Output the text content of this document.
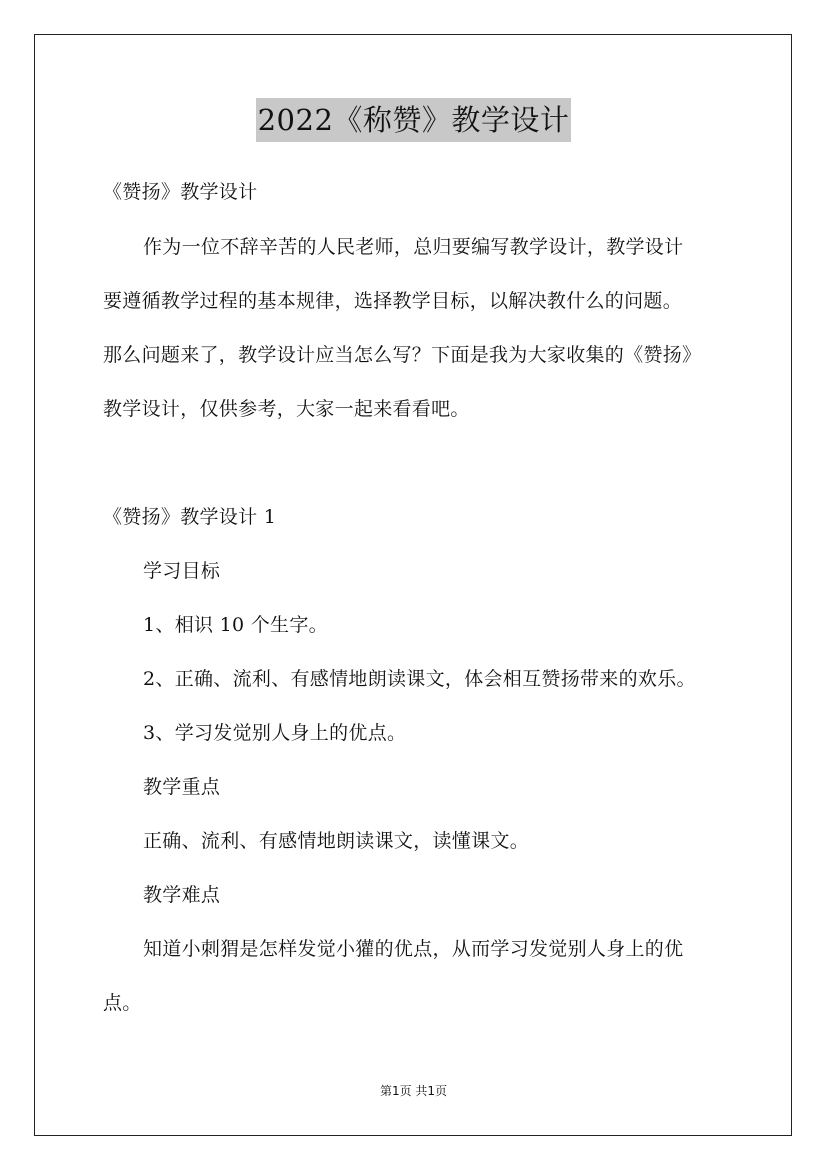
2022《称赞》教学设计
《赞扬》教学设计
作为一位不辞辛苦的人民老师，总归要编写教学设计，教学设计
要遵循教学过程的基本规律，选择教学目标，以解决教什么的问题。
那么问题来了，教学设计应当怎么写？下面是我为大家收集的《赞扬》
教学设计，仅供参考，大家一起来看看吧。
《赞扬》教学设计 1
学习目标
1、相识 10 个生字。
2、正确、流利、有感情地朗读课文，体会相互赞扬带来的欢乐。
3、学习发觉别人身上的优点。
教学重点
正确、流利、有感情地朗读课文，读懂课文。
教学难点
知道小刺猬是怎样发觉小獾的优点，从而学习发觉别人身上的优
点。
第1页 共1页
